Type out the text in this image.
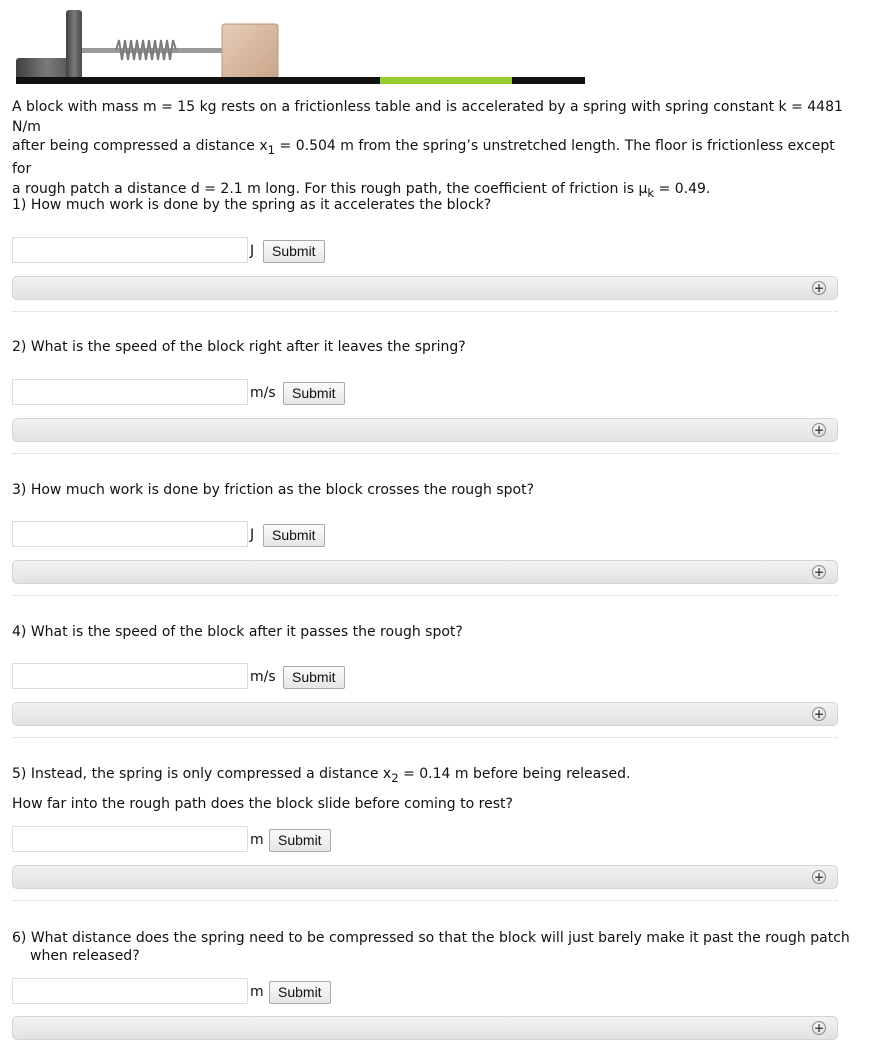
A block with mass m = 15 kg rests on a frictionless table and is accelerated by a spring with spring constant k = 4481 N/m
after being compressed a distance $x_1 = 0.504$ m from the spring’s unstretched length. The floor is frictionless except for
a rough patch a distance d = 2.1 m long. For this rough path, the coefficient of friction is $\mu_k = 0.49$.
1) How much work is done by the spring as it accelerates the block?
J	Submit
+
2) What is the speed of the block right after it leaves the spring?
m/s	Submit
+
3) How much work is done by friction as the block crosses the rough spot?
J	Submit
+
4) What is the speed of the block after it passes the rough spot?
m/s	Submit
+
5) Instead, the spring is only compressed a distance $x_2 = 0.14$ m before being released.
How far into the rough path does the block slide before coming to rest?
m	Submit
+
6) What distance does the spring need to be compressed so that the block will just barely make it past the rough patch when released?
m	Submit
+
